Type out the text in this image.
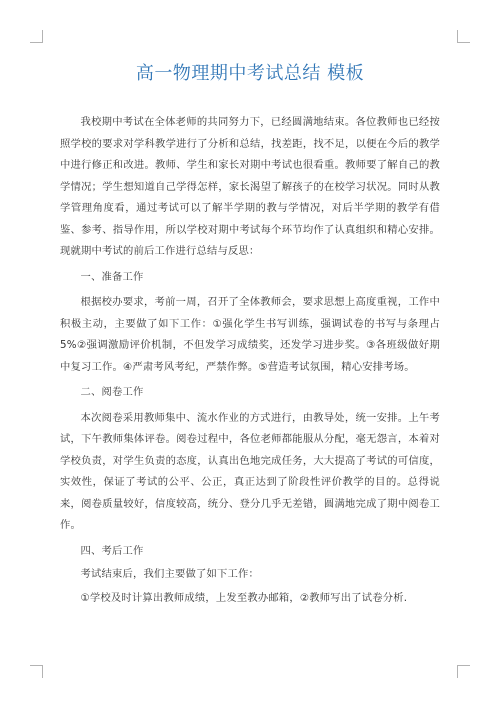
高一物理期中考试总结 模板

我校期中考试在全体老师的共同努力下，已经圆满地结束。各位教师也已经按照学校的要求对学科教学进行了分析和总结，找差距，找不足，以便在今后的教学中进行修正和改进。教师、学生和家长对期中考试也很看重。教师要了解自己的教学情况；学生想知道自己学得怎样，家长渴望了解孩子的在校学习状况。同时从教学管理角度看，通过考试可以了解半学期的教与学情况，对后半学期的教学有借鉴、参考、指导作用，所以学校对期中考试每个环节均作了认真组织和精心安排。现就期中考试的前后工作进行总结与反思：

一、准备工作

根据校办要求，考前一周，召开了全体教师会，要求思想上高度重视，工作中积极主动，主要做了如下工作：①强化学生书写训练，强调试卷的书写与条理占5%②强调激励评价机制，不但发学习成绩奖，还发学习进步奖。③各班级做好期中复习工作。④严肃考风考纪，严禁作弊。⑤营造考试氛围，精心安排考场。

二、阅卷工作

本次阅卷采用教师集中、流水作业的方式进行，由教导处，统一安排。上午考试，下午教师集体评卷。阅卷过程中，各位老师都能服从分配，毫无怨言，本着对学校负责，对学生负责的态度，认真出色地完成任务，大大提高了考试的可信度，实效性，保证了考试的公平、公正，真正达到了阶段性评价教学的目的。总得说来，阅卷质量较好，信度较高，统分、登分几乎无差错，圆满地完成了期中阅卷工作。

四、考后工作

考试结束后，我们主要做了如下工作：

①学校及时计算出教师成绩，上发至教办邮箱，②教师写出了试卷分析.
